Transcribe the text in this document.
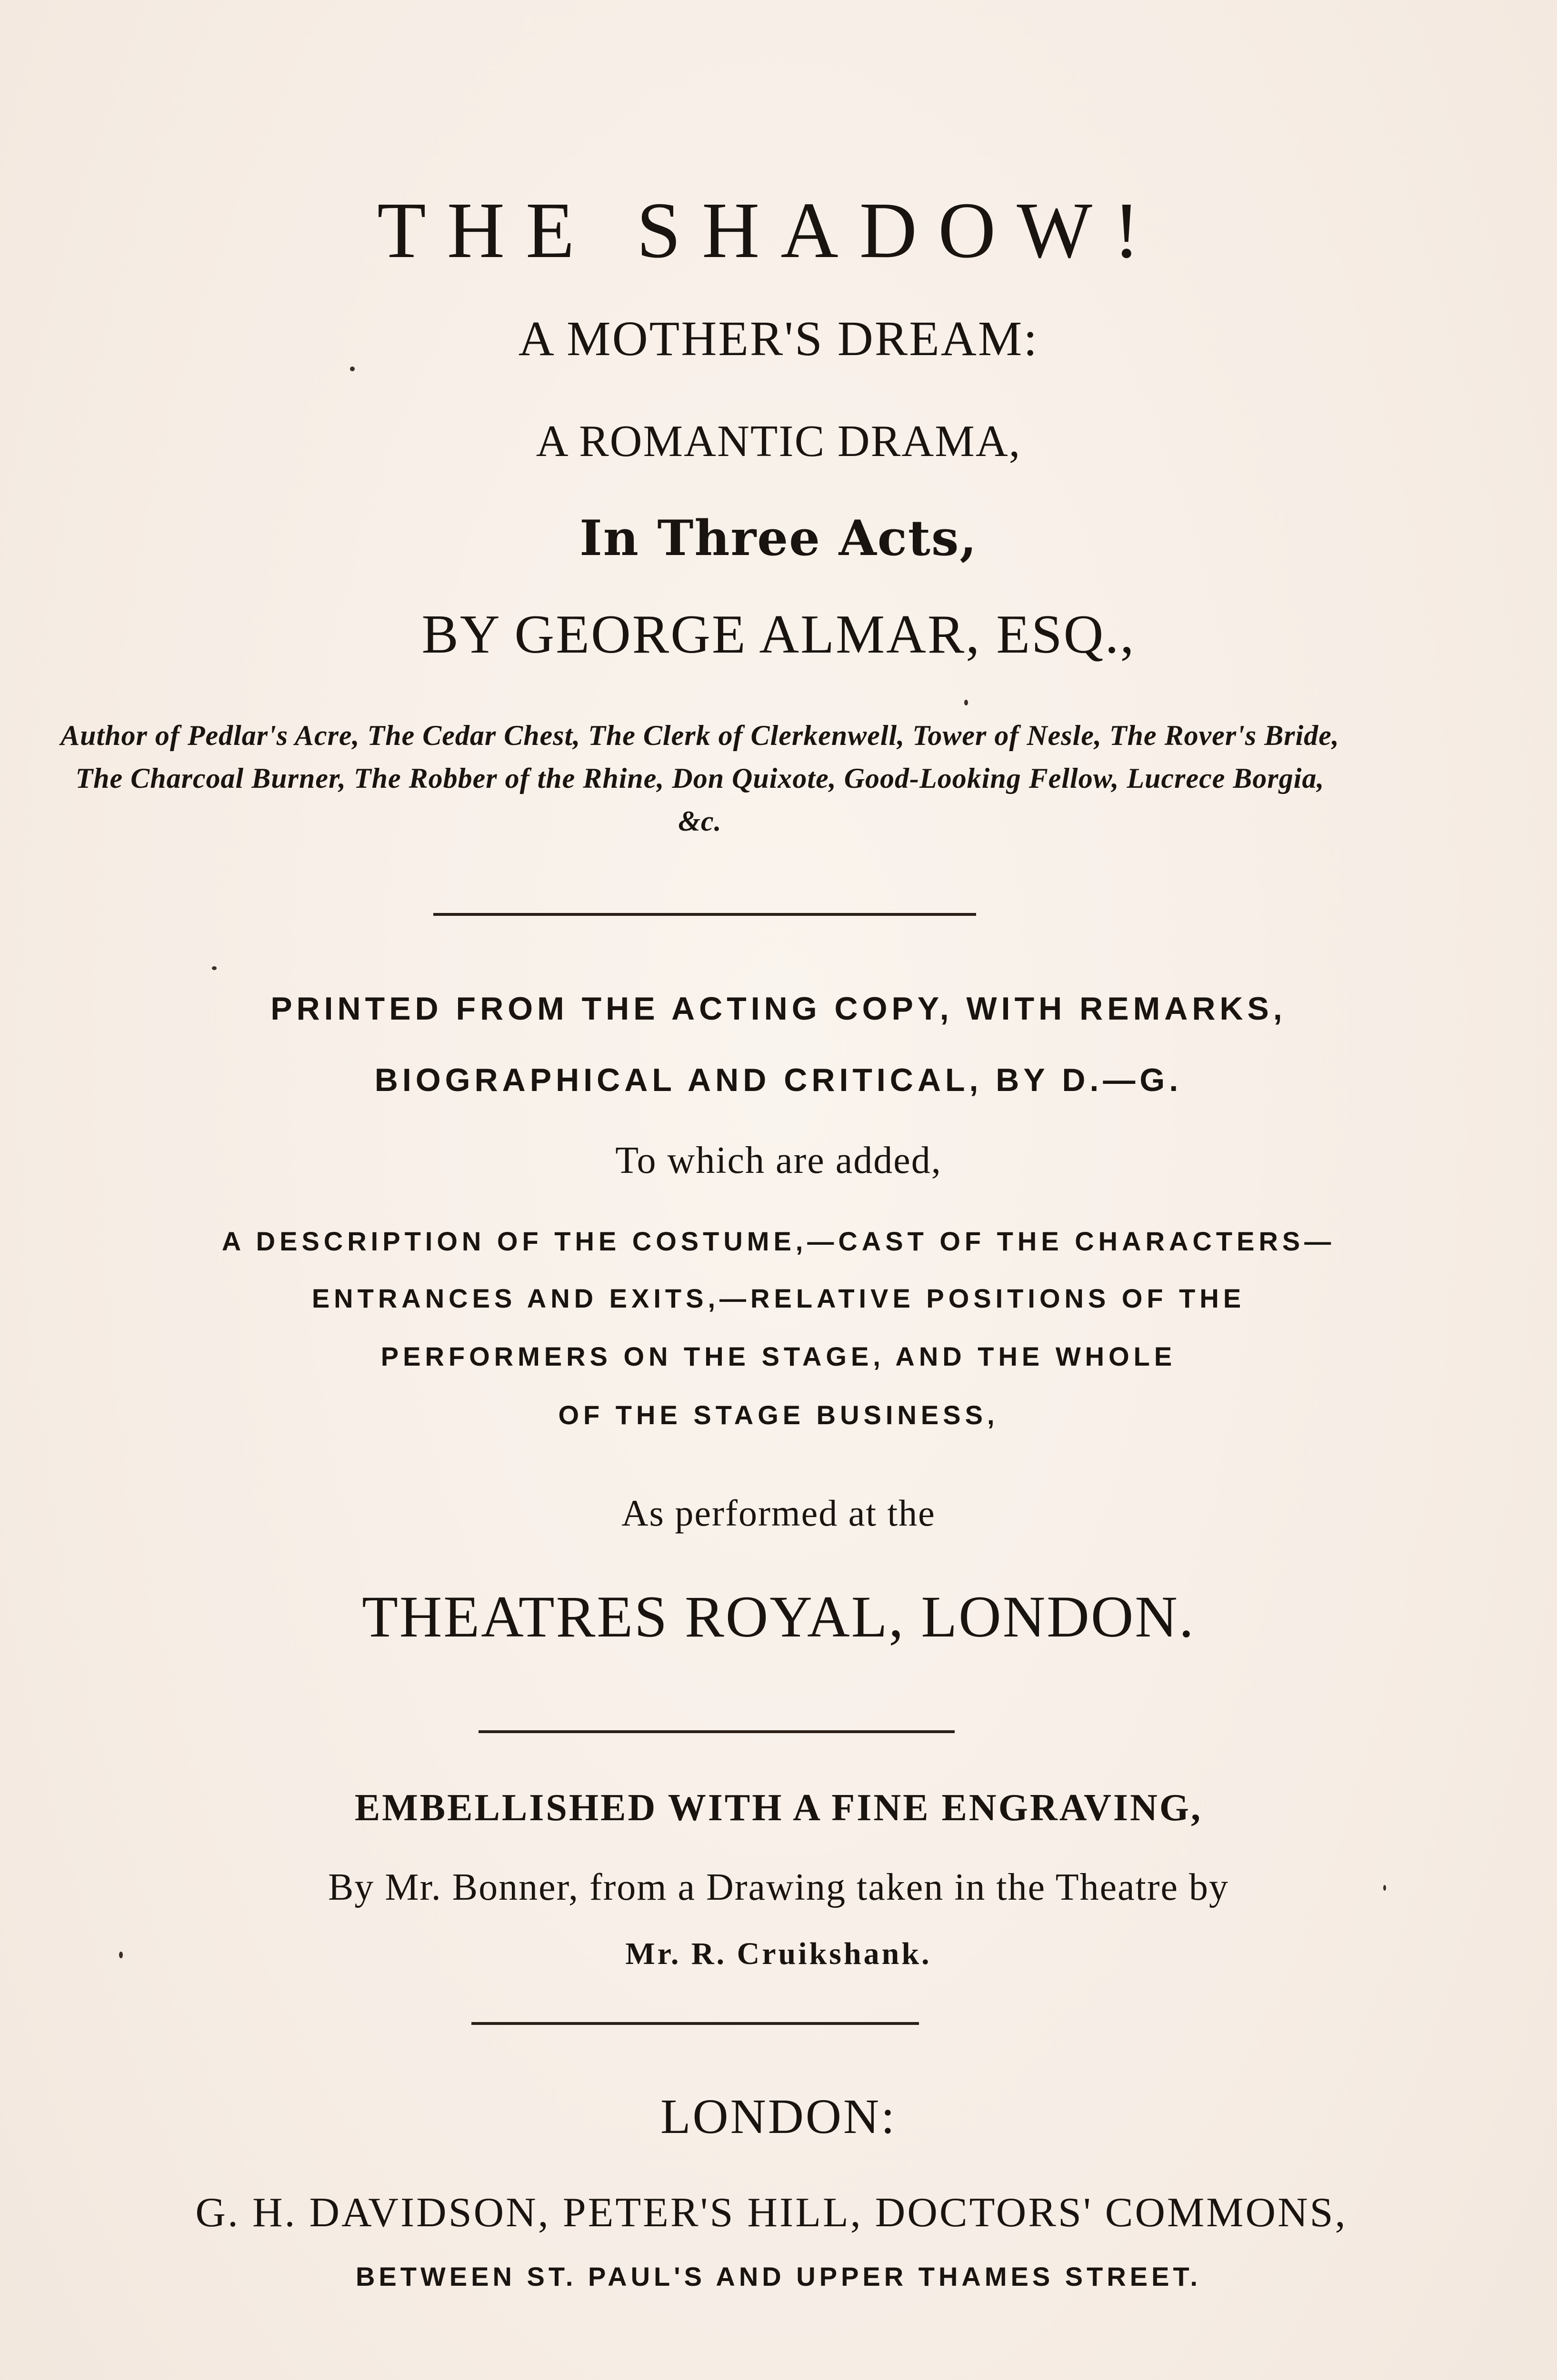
THE SHADOW!
A MOTHER'S DREAM:
A ROMANTIC DRAMA,
In Three Acts,
BY GEORGE ALMAR, ESQ.,
Author of Pedlar's Acre, The Cedar Chest, The Clerk of Clerkenwell, Tower of Nesle, The Rover's Bride, The Charcoal Burner, The Robber of the Rhine, Don Quixote, Good-Looking Fellow, Lucrece Borgia, &c.
PRINTED FROM THE ACTING COPY, WITH REMARKS,
BIOGRAPHICAL AND CRITICAL, BY D.—G.
To which are added,
A DESCRIPTION OF THE COSTUME,—CAST OF THE CHARACTERS—
ENTRANCES AND EXITS,—RELATIVE POSITIONS OF THE
PERFORMERS ON THE STAGE, AND THE WHOLE
OF THE STAGE BUSINESS,
As performed at the
THEATRES ROYAL, LONDON.
EMBELLISHED WITH A FINE ENGRAVING,
By Mr. Bonner, from a Drawing taken in the Theatre by
Mr. R. Cruikshank.
LONDON:
G. H. DAVIDSON, PETER'S HILL, DOCTORS' COMMONS,
BETWEEN ST. PAUL'S AND UPPER THAMES STREET.
